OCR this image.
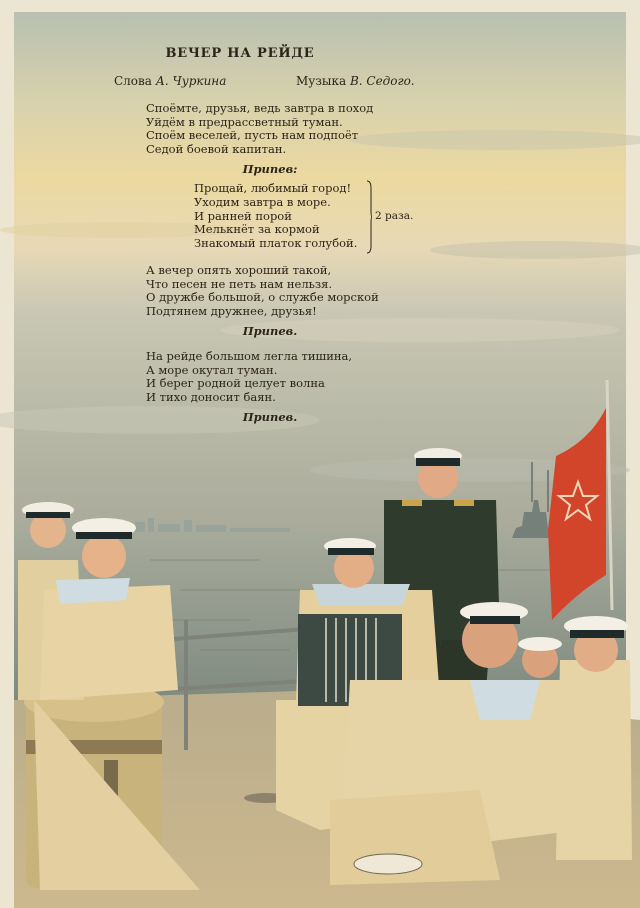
ВЕЧЕР НА РЕЙДЕ
Слова А. Чуркина	Музыка В. Седого.
Споёмте, друзья, ведь завтра в поход
Уйдём в предрассветный туман.
Споём веселей, пусть нам подпоёт
Седой боевой капитан.
Припев:
Прощай, любимый город!
Уходим завтра в море.
И ранней порой
Мелькнёт за кормой
Знакомый платок голубой.
2 раза.
А вечер опять хороший такой,
Что песен не петь нам нельзя.
О дружбе большой, о службе морской
Подтянем дружнее, друзья!
Припев.
На рейде большом легла тишина,
А море окутал туман.
И берег родной целует волна
И тихо доносит баян.
Припев.
